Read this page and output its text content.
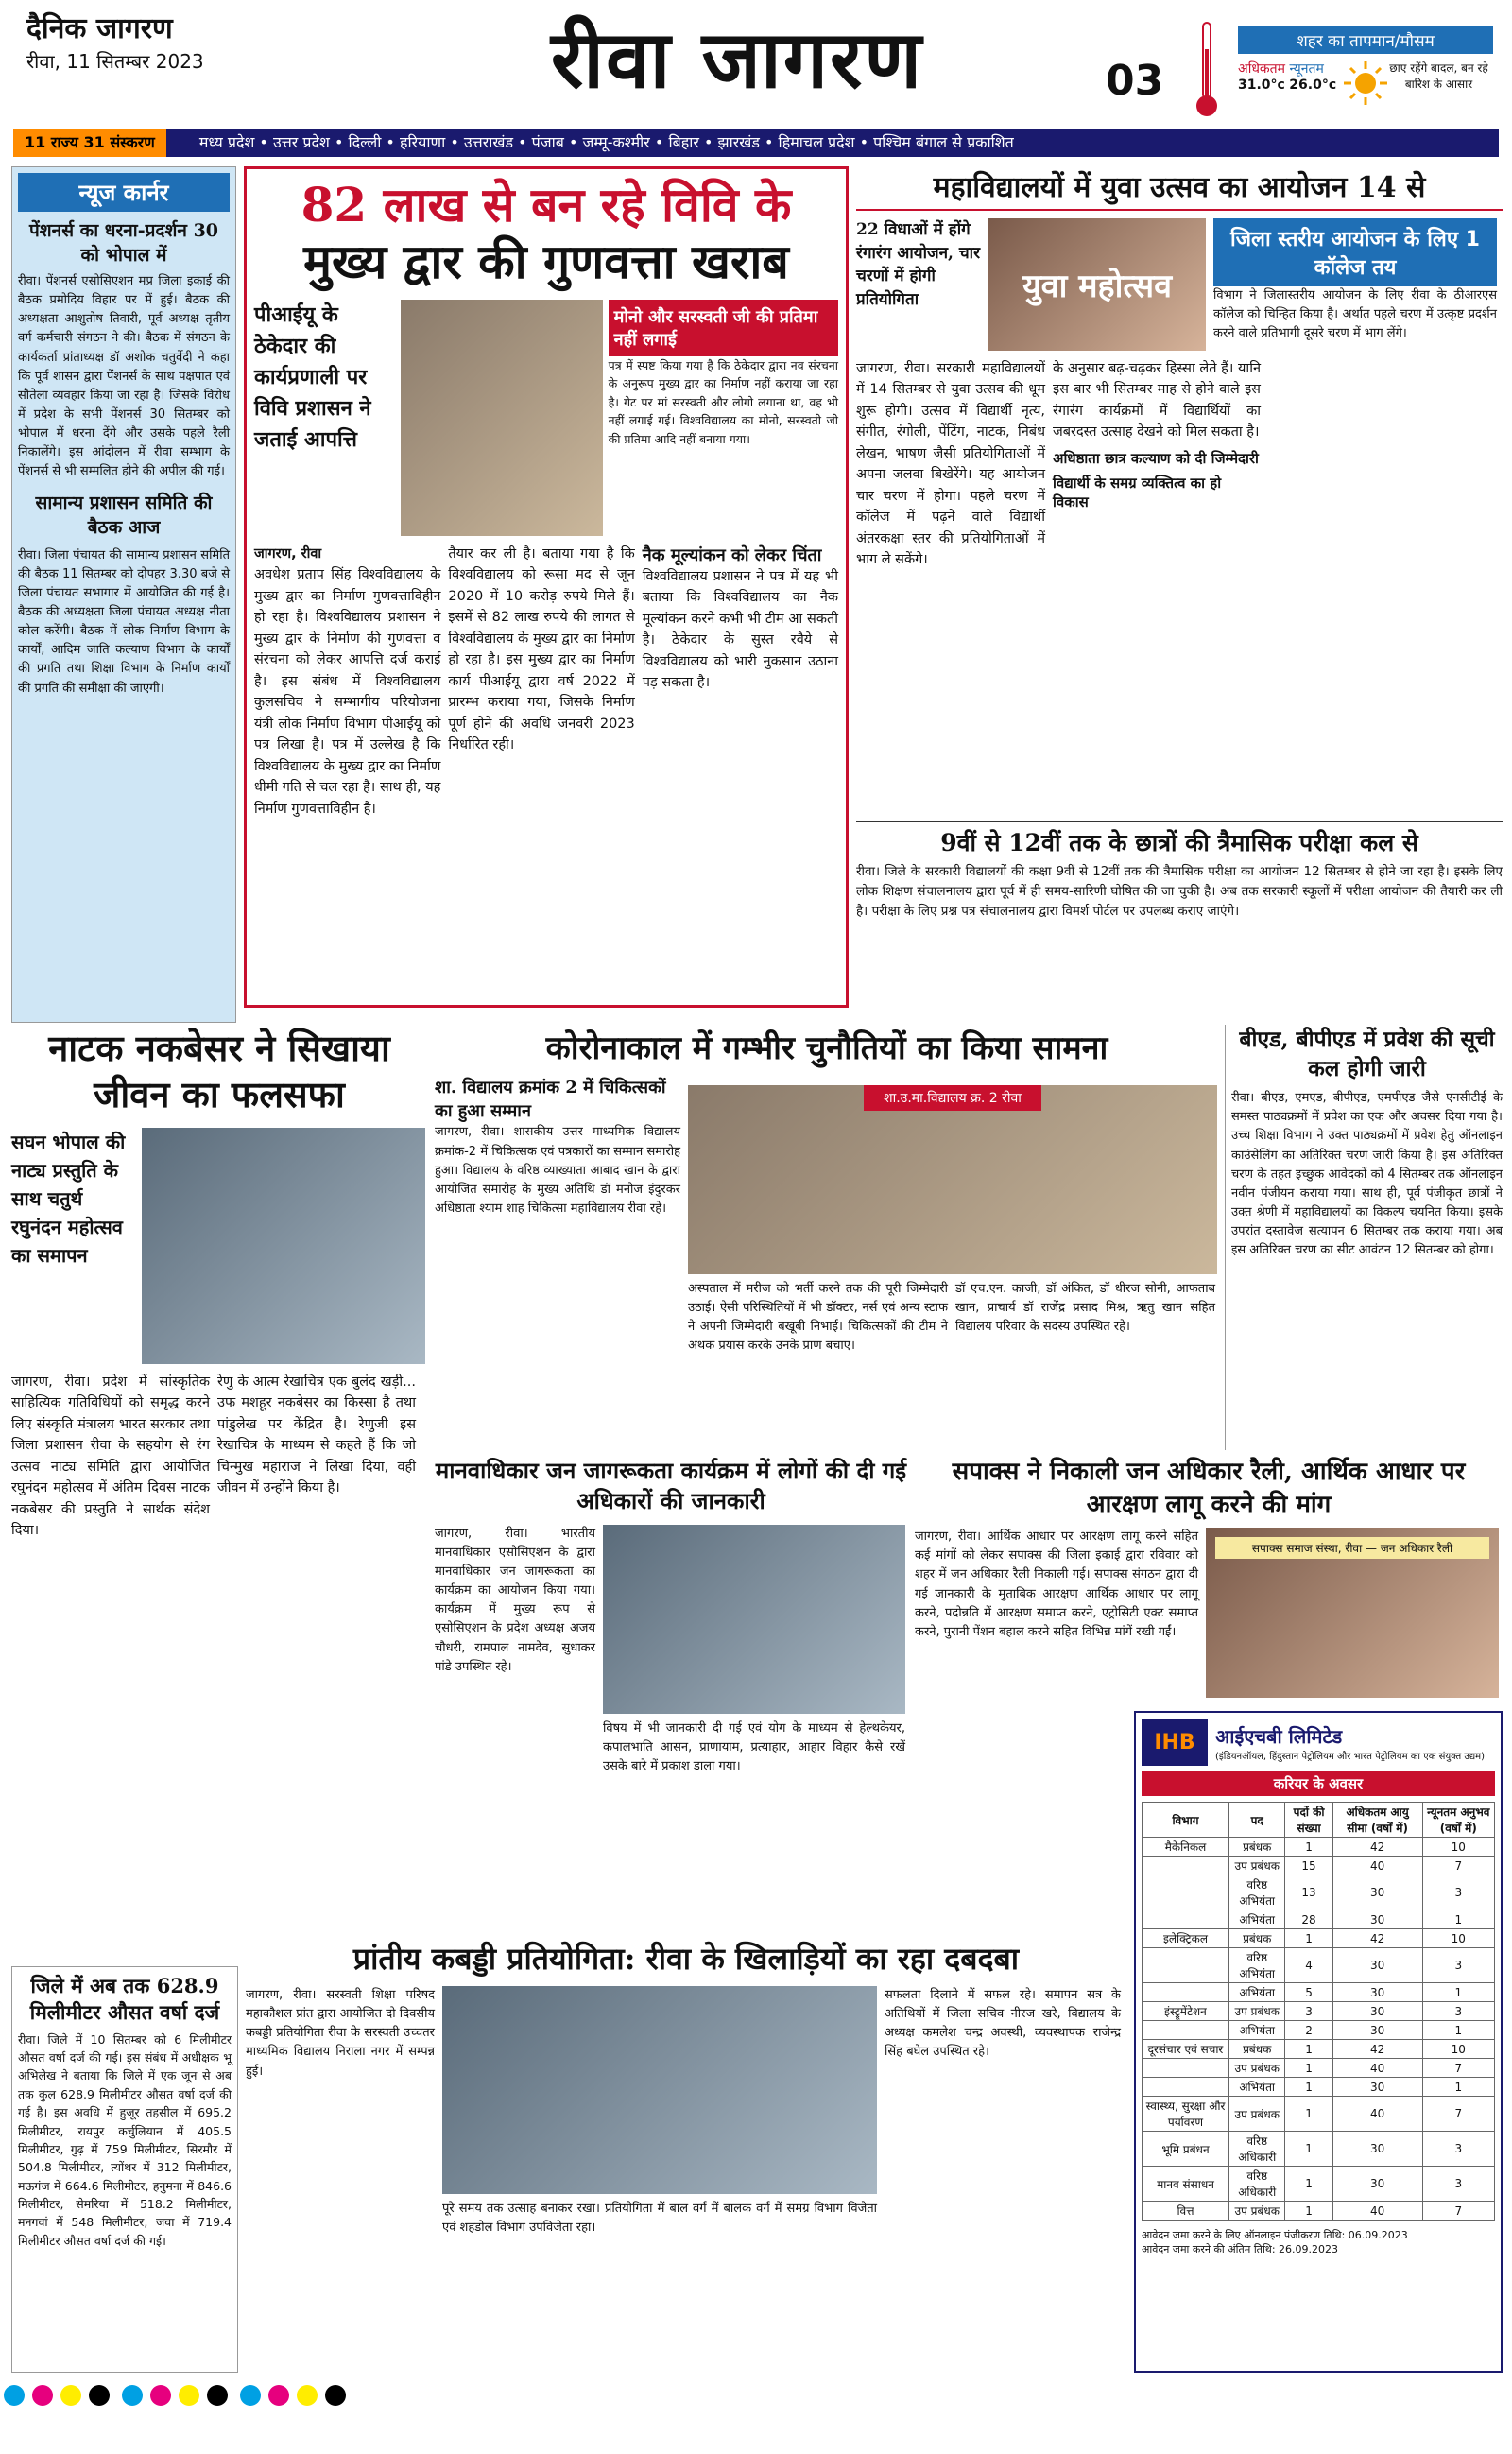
दैनिक जागरण
रीवा, 11 सितम्बर 2023	रीवा जागरण	03
शहर का तापमान/मौसम
अधिकतम न्यूनतम
31.0°c 26.0°c
छाए रहेंगे बादल, बन रहे बारिश के आसार
11 राज्य 31 संस्करण	मध्य प्रदेश • उत्तर प्रदेश • दिल्ली • हरियाणा • उत्तराखंड • पंजाब • जम्मू-कश्मीर • बिहार • झारखंड • हिमाचल प्रदेश • पश्चिम बंगाल से प्रकाशित
न्यूज कार्नर
पेंशनर्स का धरना-प्रदर्शन 30 को भोपाल में
रीवा। पेंशनर्स एसोसिएशन मप्र जिला इकाई की बैठक प्रमोदिय विहार पर में हुई। बैठक की अध्यक्षता आशुतोष तिवारी, पूर्व अध्यक्ष तृतीय वर्ग कर्मचारी संगठन ने की। बैठक में संगठन के कार्यकर्ता प्रांताध्यक्ष डॉ अशोक चतुर्वेदी ने कहा कि पूर्व शासन द्वारा पेंशनर्स के साथ पक्षपात एवं सौतेला व्यवहार किया जा रहा है। जिसके विरोध में प्रदेश के सभी पेंशनर्स 30 सितम्बर को भोपाल में धरना देंगे और उसके पहले रैली निकालेंगे। इस आंदोलन में रीवा सम्भाग के पेंशनर्स से भी सम्मलित होने की अपील की गई।
सामान्य प्रशासन समिति की बैठक आज
रीवा। जिला पंचायत की सामान्य प्रशासन समिति की बैठक 11 सितम्बर को दोपहर 3.30 बजे से जिला पंचायत सभागार में आयोजित की गई है। बैठक की अध्यक्षता जिला पंचायत अध्यक्ष नीता कोल करेंगी। बैठक में लोक निर्माण विभाग के कार्यों, आदिम जाति कल्याण विभाग के कार्यों की प्रगति तथा शिक्षा विभाग के निर्माण कार्यों की प्रगति की समीक्षा की जाएगी।
82 लाख से बन रहे विवि के
मुख्य द्वार की गुणवत्ता खराब
पीआईयू के ठेकेदार की कार्यप्रणाली पर विवि प्रशासन ने जताई आपत्ति
मोनो और सरस्वती जी की प्रतिमा नहीं लगाई
पत्र में स्पष्ट किया गया है कि ठेकेदार द्वारा नव संरचना के अनुरूप मुख्य द्वार का निर्माण नहीं कराया जा रहा है। गेट पर मां सरस्वती और लोगो लगाना था, वह भी नहीं लगाई गई। विश्वविद्यालय का मोनो, सरस्वती जी की प्रतिमा आदि नहीं बनाया गया।
जागरण, रीवा
अवधेश प्रताप सिंह विश्वविद्यालय के मुख्य द्वार का निर्माण गुणवत्ताविहीन हो रहा है। विश्वविद्यालय प्रशासन ने मुख्य द्वार के निर्माण की गुणवत्ता व संरचना को लेकर आपत्ति दर्ज कराई है। इस संबंध में विश्वविद्यालय कुलसचिव ने सम्भागीय परियोजना यंत्री लोक निर्माण विभाग पीआईयू को पत्र लिखा है। पत्र में उल्लेख है कि विश्वविद्यालय के मुख्य द्वार का निर्माण धीमी गति से चल रहा है। साथ ही, यह निर्माण गुणवत्ताविहीन है।
तैयार कर ली है। बताया गया है कि विश्वविद्यालय को रूसा मद से जून 2020 में 10 करोड़ रुपये मिले हैं। इसमें से 82 लाख रुपये की लागत से विश्वविद्यालय के मुख्य द्वार का निर्माण हो रहा है। इस मुख्य द्वार का निर्माण कार्य पीआईयू द्वारा वर्ष 2022 में प्रारम्भ कराया गया, जिसके निर्माण पूर्ण होने की अवधि जनवरी 2023 निर्धारित रही।
नैक मूल्यांकन को लेकर चिंता
विश्वविद्यालय प्रशासन ने पत्र में यह भी बताया कि विश्वविद्यालय का नैक मूल्यांकन करने कभी भी टीम आ सकती है। ठेकेदार के सुस्त रवैये से विश्वविद्यालय को भारी नुकसान उठाना पड़ सकता है।
महाविद्यालयों में युवा उत्सव का आयोजन 14 से
22 विधाओं में होंगे रंगारंग आयोजन, चार चरणों में होगी प्रतियोगिता	युवा महोत्सव
जिला स्तरीय आयोजन के लिए 1 कॉलेज तय
विभाग ने जिलास्तरीय आयोजन के लिए रीवा के ठीआरएस कॉलेज को चिन्हित किया है। अर्थात पहले चरण में उत्कृष्ट प्रदर्शन करने वाले प्रतिभागी दूसरे चरण में भाग लेंगे।
जागरण, रीवा। सरकारी महाविद्यालयों में 14 सितम्बर से युवा उत्सव की धूम शुरू होगी। उत्सव में विद्यार्थी नृत्य, संगीत, रंगोली, पेंटिंग, नाटक, निबंध लेखन, भाषण जैसी प्रतियोगिताओं में अपना जलवा बिखेरेंगे। यह आयोजन चार चरण में होगा। पहले चरण में कॉलेज में पढ़ने वाले विद्यार्थी अंतरकक्षा स्तर की प्रतियोगिताओं में भाग ले सकेंगे।
के अनुसार बढ़-चढ़कर हिस्सा लेते हैं। यानि इस बार भी सितम्बर माह से होने वाले इस रंगारंग कार्यक्रमों में विद्यार्थियों का जबरदस्त उत्साह देखने को मिल सकता है।
अधिष्ठाता छात्र कल्याण को दी जिम्मेदारी
विद्यार्थी के समग्र व्यक्तित्व का हो विकास
9वीं से 12वीं तक के छात्रों की त्रैमासिक परीक्षा कल से
रीवा। जिले के सरकारी विद्यालयों की कक्षा 9वीं से 12वीं तक की त्रैमासिक परीक्षा का आयोजन 12 सितम्बर से होने जा रहा है। इसके लिए लोक शिक्षण संचालनालय द्वारा पूर्व में ही समय-सारिणी घोषित की जा चुकी है। अब तक सरकारी स्कूलों में परीक्षा आयोजन की तैयारी कर ली है। परीक्षा के लिए प्रश्न पत्र संचालनालय द्वारा विमर्श पोर्टल पर उपलब्ध कराए जाएंगे।
नाटक नकबेसर ने सिखाया
जीवन का फलसफा
सघन भोपाल की नाट्य प्रस्तुति के साथ चतुर्थ रघुनंदन महोत्सव का समापन
जागरण, रीवा। प्रदेश में सांस्कृतिक साहित्यिक गतिविधियों को समृद्ध करने लिए संस्कृति मंत्रालय भारत सरकार तथा जिला प्रशासन रीवा के सहयोग से रंग उत्सव नाट्य समिति द्वारा आयोजित रघुनंदन महोत्सव में अंतिम दिवस नाटक नकबेसर की प्रस्तुति ने सार्थक संदेश दिया।
रेणु के आत्म रेखाचित्र एक बुलंद खड़ी... उफ मशहूर नकबेसर का किस्सा है तथा पांडुलेख पर केंद्रित है। रेणुजी इस रेखाचित्र के माध्यम से कहते हैं कि जो चिन्मुख महाराज ने लिखा दिया, वही जीवन में उन्होंने किया है।
कोरोनाकाल में गम्भीर चुनौतियों का किया सामना
शा. विद्यालय क्रमांक 2 में चिकित्सकों का हुआ सम्मान
जागरण, रीवा। शासकीय उत्तर माध्यमिक विद्यालय क्रमांक-2 में चिकित्सक एवं पत्रकारों का सम्मान समारोह हुआ। विद्यालय के वरिष्ठ व्याख्याता आबाद खान के द्वारा आयोजित समारोह के मुख्य अतिथि डॉ मनोज इंदुरकर अधिष्ठाता श्याम शाह चिकित्सा महाविद्यालय रीवा रहे।
शा.उ.मा.विद्यालय क्र. 2 रीवा
अस्पताल में मरीज को भर्ती करने तक की पूरी जिम्मेदारी उठाई। ऐसी परिस्थितियों में भी डॉक्टर, नर्स एवं अन्य स्टाफ ने अपनी जिम्मेदारी बखूबी निभाई। चिकित्सकों की टीम ने अथक प्रयास करके उनके प्राण बचाए।
डॉ एच.एन. काजी, डॉ अंकित, डॉ धीरज सोनी, आफताब खान, प्राचार्य डॉ राजेंद्र प्रसाद मिश्र, ऋतु खान सहित विद्यालय परिवार के सदस्य उपस्थित रहे।
बीएड, बीपीएड में प्रवेश की सूची कल होगी जारी
रीवा। बीएड, एमएड, बीपीएड, एमपीएड जैसे एनसीटीई के समस्त पाठ्यक्रमों में प्रवेश का एक और अवसर दिया गया है। उच्च शिक्षा विभाग ने उक्त पाठ्यक्रमों में प्रवेश हेतु ऑनलाइन काउंसेलिंग का अतिरिक्त चरण जारी किया है। इस अतिरिक्त चरण के तहत इच्छुक आवेदकों को 4 सितम्बर तक ऑनलाइन नवीन पंजीयन कराया गया। साथ ही, पूर्व पंजीकृत छात्रों ने उक्त श्रेणी में महाविद्यालयों का विकल्प चयनित किया। इसके उपरांत दस्तावेज सत्यापन 6 सितम्बर तक कराया गया। अब इस अतिरिक्त चरण का सीट आवंटन 12 सितम्बर को होगा।
मानवाधिकार जन जागरूकता कार्यक्रम में लोगों की दी गई अधिकारों की जानकारी
जागरण, रीवा। भारतीय मानवाधिकार एसोसिएशन के द्वारा मानवाधिकार जन जागरूकता का कार्यक्रम का आयोजन किया गया। कार्यक्रम में मुख्य रूप से एसोसिएशन के प्रदेश अध्यक्ष अजय चौधरी, रामपाल नामदेव, सुधाकर पांडे उपस्थित रहे।
विषय में भी जानकारी दी गई एवं योग के माध्यम से हेल्थकेयर, कपालभाति आसन, प्राणायाम, प्रत्याहार, आहार विहार कैसे रखें उसके बारे में प्रकाश डाला गया।
सपाक्स ने निकाली जन अधिकार रैली, आर्थिक आधार पर आरक्षण लागू करने की मांग
जागरण, रीवा। आर्थिक आधार पर आरक्षण लागू करने सहित कई मांगों को लेकर सपाक्स की जिला इकाई द्वारा रविवार को शहर में जन अधिकार रैली निकाली गई। सपाक्स संगठन द्वारा दी गई जानकारी के मुताबिक आरक्षण आर्थिक आधार पर लागू करने, पदोन्नति में आरक्षण समाप्त करने, एट्रोसिटी एक्ट समाप्त करने, पुरानी पेंशन बहाल करने सहित विभिन्न मांगें रखी गईं।
सपाक्स समाज संस्था, रीवा — जन अधिकार रैली
IHB	आईएचबी लिमिटेड
(इंडियनऑयल, हिंदुस्तान पेट्रोलियम और भारत पेट्रोलियम का एक संयुक्त उद्यम)
करियर के अवसर
विभाग	पद	पदों की संख्या	अधिकतम आयु सीमा (वर्षों में)	न्यूनतम अनुभव (वर्षों में)
मैकेनिकल	प्रबंधक	1	42	10
	उप प्रबंधक	15	40	7
	वरिष्ठ अभियंता	13	30	3
	अभियंता	28	30	1
इलेक्ट्रिकल	प्रबंधक	1	42	10
	वरिष्ठ अभियंता	4	30	3
	अभियंता	5	30	1
इंस्ट्रूमेंटेशन	उप प्रबंधक	3	30	3
	अभियंता	2	30	1
दूरसंचार एवं सचार	प्रबंधक	1	42	10
	उप प्रबंधक	1	40	7
	अभियंता	1	30	1
स्वास्थ्य, सुरक्षा और पर्यावरण	उप प्रबंधक	1	40	7
भूमि प्रबंधन	वरिष्ठ अधिकारी	1	30	3
मानव संसाधन	वरिष्ठ अधिकारी	1	30	3
वित्त	उप प्रबंधक	1	40	7
आवेदन जमा करने के लिए ऑनलाइन पंजीकरण तिथि: 06.09.2023
आवेदन जमा करने की अंतिम तिथि: 26.09.2023
जिले में अब तक 628.9 मिलीमीटर औसत वर्षा दर्ज
रीवा। जिले में 10 सितम्बर को 6 मिलीमीटर औसत वर्षा दर्ज की गई। इस संबंध में अधीक्षक भू अभिलेख ने बताया कि जिले में एक जून से अब तक कुल 628.9 मिलीमीटर औसत वर्षा दर्ज की गई है। इस अवधि में हुजूर तहसील में 695.2 मिलीमीटर, रायपुर कर्चुलियान में 405.5 मिलीमीटर, गुढ़ में 759 मिलीमीटर, सिरमौर में 504.8 मिलीमीटर, त्योंथर में 312 मिलीमीटर, मऊगंज में 664.6 मिलीमीटर, हनुमना में 846.6 मिलीमीटर, सेमरिया में 518.2 मिलीमीटर, मनगवां में 548 मिलीमीटर, जवा में 719.4 मिलीमीटर औसत वर्षा दर्ज की गई।
प्रांतीय कबड्डी प्रतियोगिता: रीवा के खिलाड़ियों का रहा दबदबा
जागरण, रीवा। सरस्वती शिक्षा परिषद महाकौशल प्रांत द्वारा आयोजित दो दिवसीय कबड्डी प्रतियोगिता रीवा के सरस्वती उच्चतर माध्यमिक विद्यालय निराला नगर में सम्पन्न हुई।
पूरे समय तक उत्साह बनाकर रखा। प्रतियोगिता में बाल वर्ग में बालक वर्ग में समग्र विभाग विजेता एवं शहडोल विभाग उपविजेता रहा।
सफलता दिलाने में सफल रहे। समापन सत्र के अतिथियों में जिला सचिव नीरज खरे, विद्यालय के अध्यक्ष कमलेश चन्द्र अवस्थी, व्यवस्थापक राजेन्द्र सिंह बघेल उपस्थित रहे।
